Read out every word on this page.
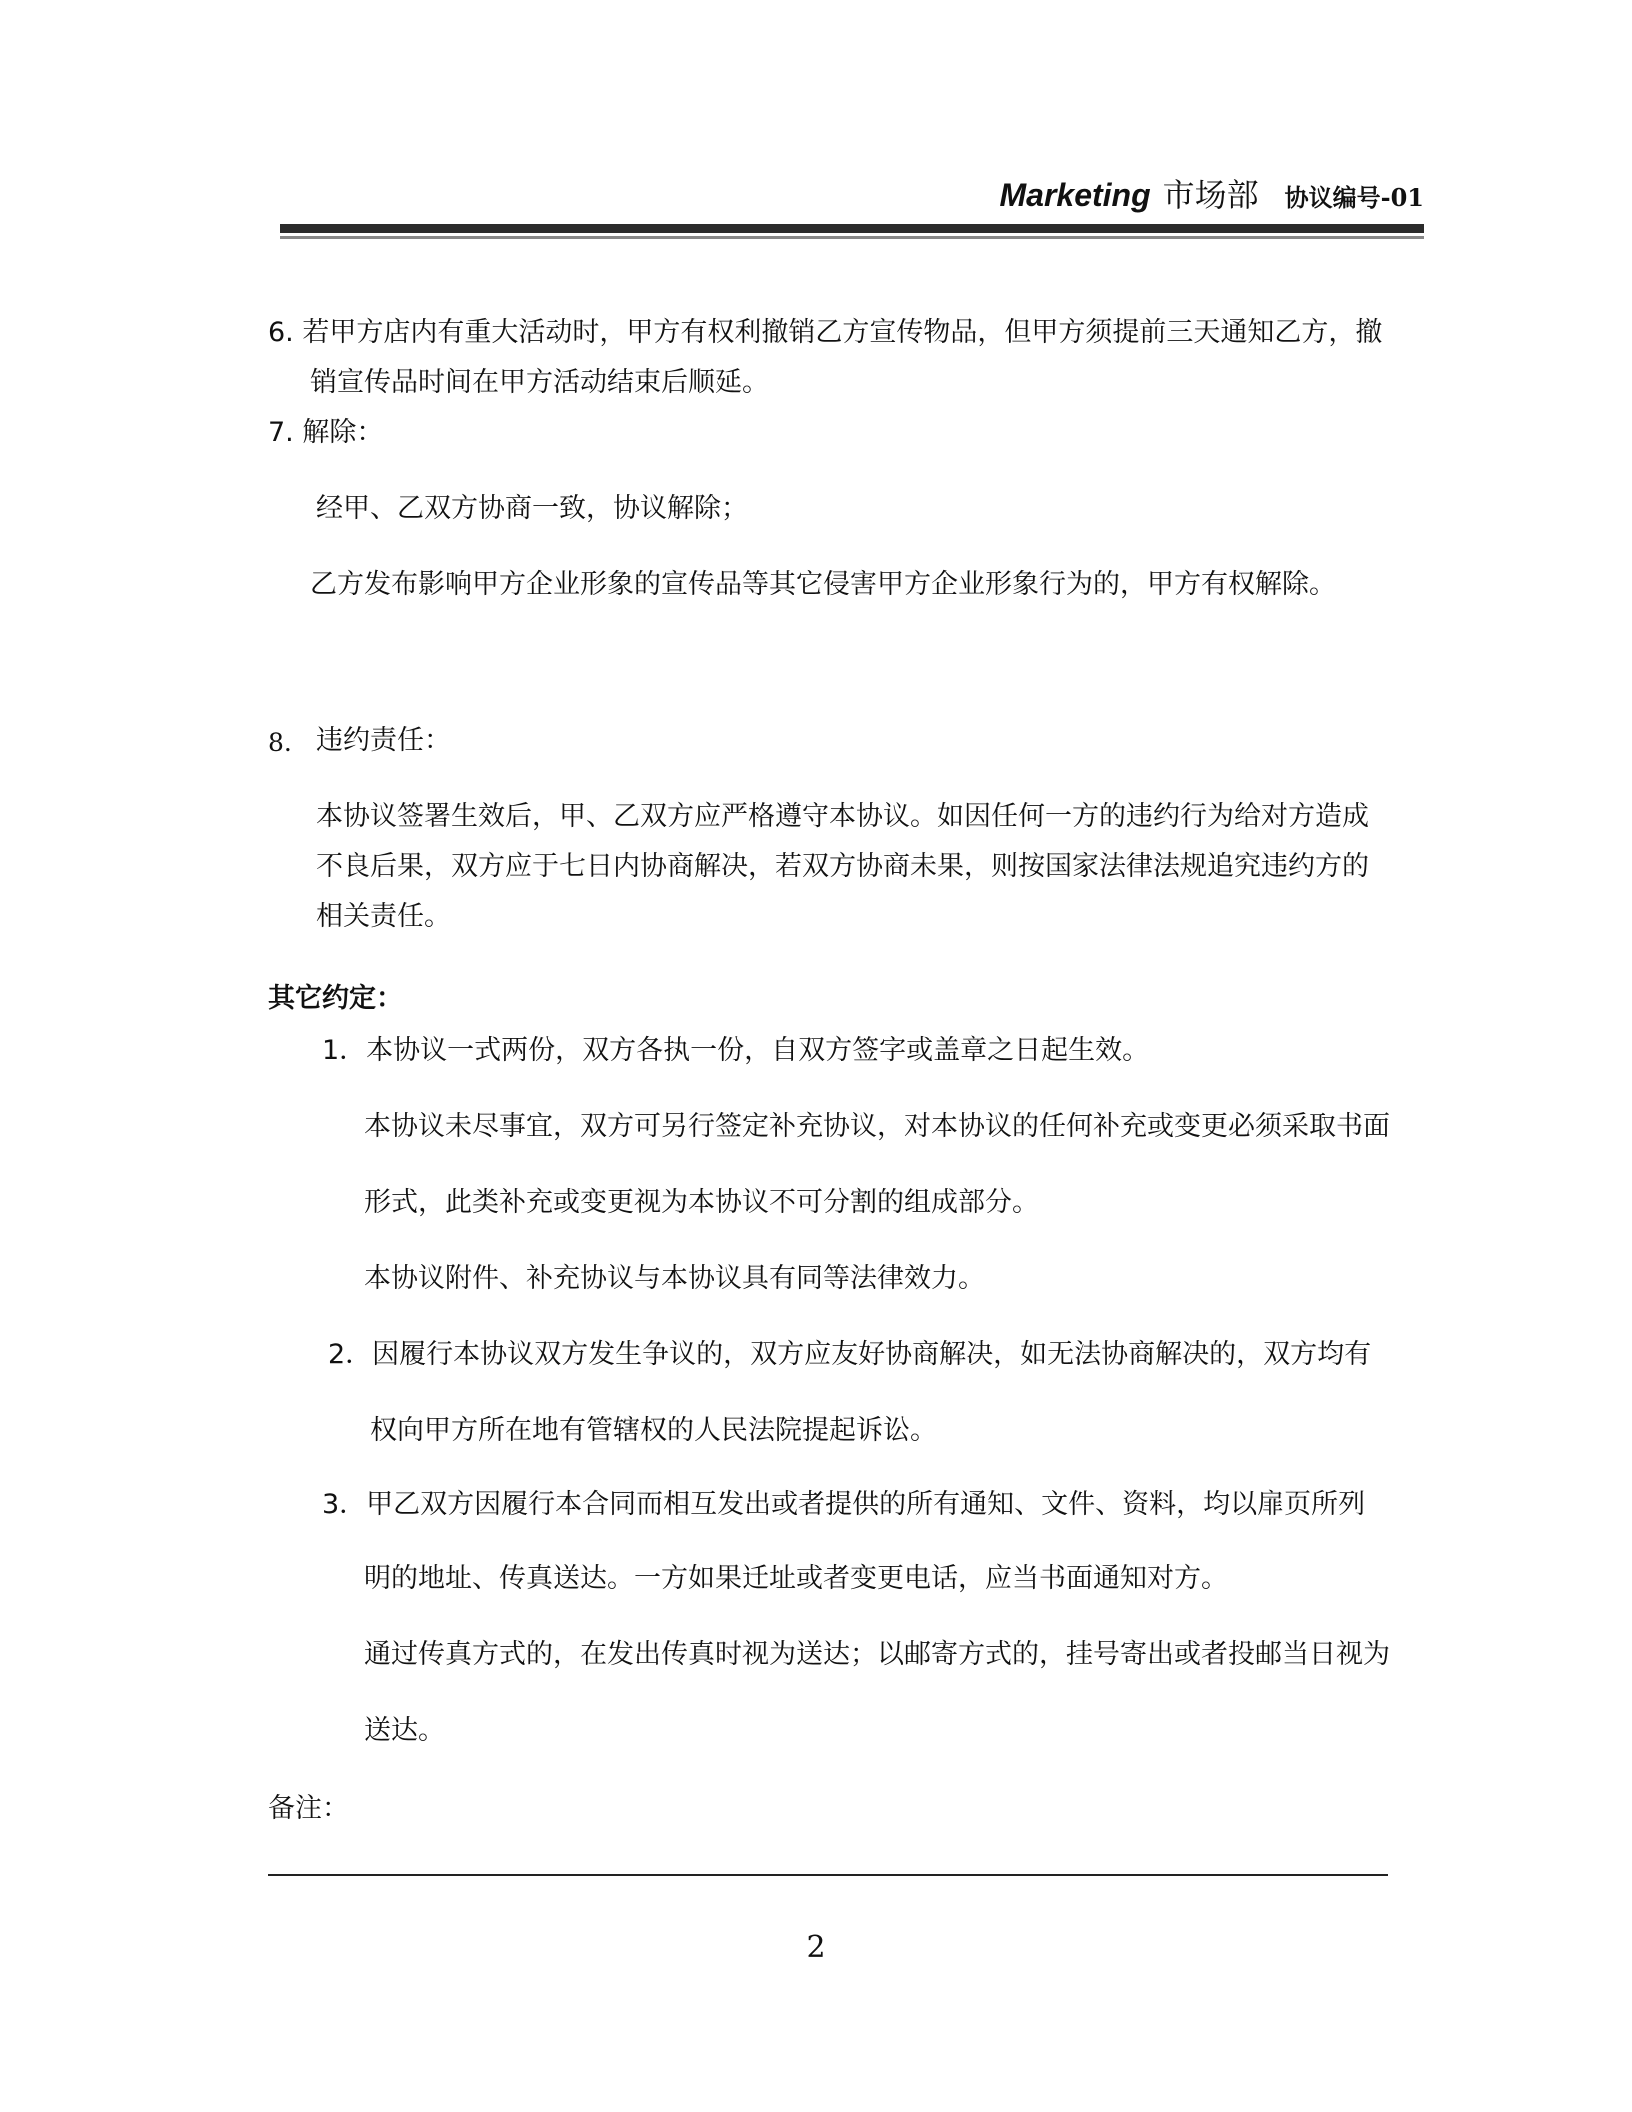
Marketing 市场部 协议编号-01
6. 若甲方店内有重大活动时，甲方有权利撤销乙方宣传物品，但甲方须提前三天通知乙方，撤
销宣传品时间在甲方活动结束后顺延。
7. 解除：
经甲、乙双方协商一致，协议解除；
乙方发布影响甲方企业形象的宣传品等其它侵害甲方企业形象行为的，甲方有权解除。
8. 违约责任：
本协议签署生效后，甲、乙双方应严格遵守本协议。如因任何一方的违约行为给对方造成
不良后果，双方应于七日内协商解决，若双方协商未果，则按国家法律法规追究违约方的
相关责任。
其它约定：
1．本协议一式两份，双方各执一份，自双方签字或盖章之日起生效。
本协议未尽事宜，双方可另行签定补充协议，对本协议的任何补充或变更必须采取书面
形式，此类补充或变更视为本协议不可分割的组成部分。
本协议附件、补充协议与本协议具有同等法律效力。
2．因履行本协议双方发生争议的，双方应友好协商解决，如无法协商解决的，双方均有
权向甲方所在地有管辖权的人民法院提起诉讼。
3．甲乙双方因履行本合同而相互发出或者提供的所有通知、文件、资料，均以扉页所列
明的地址、传真送达。一方如果迁址或者变更电话，应当书面通知对方。
通过传真方式的，在发出传真时视为送达；以邮寄方式的，挂号寄出或者投邮当日视为
送达。
备注：
2
